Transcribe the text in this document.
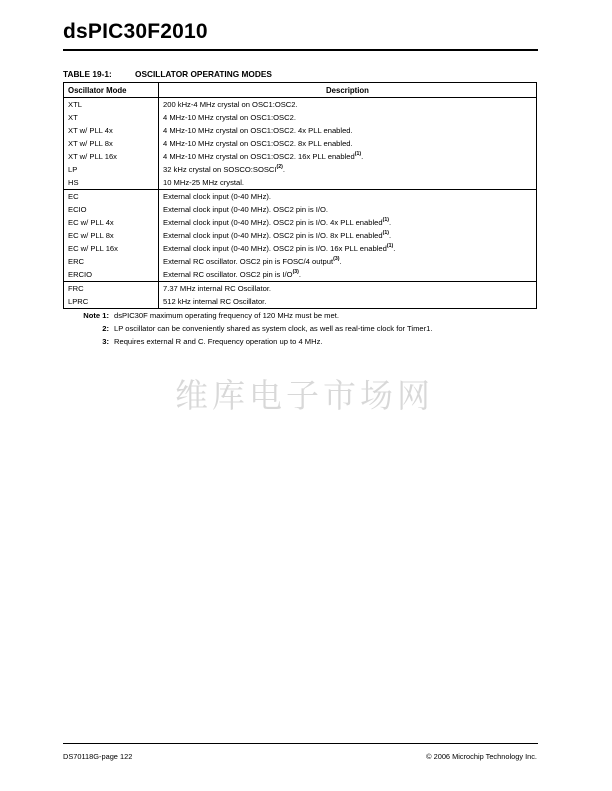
dsPIC30F2010
TABLE 19-1:	OSCILLATOR OPERATING MODES
Oscillator Mode	Description
XTL	200 kHz-4 MHz crystal on OSC1:OSC2.
XT	4 MHz-10 MHz crystal on OSC1:OSC2.
XT w/ PLL 4x	4 MHz-10 MHz crystal on OSC1:OSC2. 4x PLL enabled.
XT w/ PLL 8x	4 MHz-10 MHz crystal on OSC1:OSC2. 8x PLL enabled.
XT w/ PLL 16x	4 MHz-10 MHz crystal on OSC1:OSC2. 16x PLL enabled$^{(1)}$.
LP	32 kHz crystal on SOSCO:SOSCI$^{(2)}$.
HS	10 MHz-25 MHz crystal.
EC	External clock input (0-40 MHz).
ECIO	External clock input (0-40 MHz). OSC2 pin is I/O.
EC w/ PLL 4x	External clock input (0-40 MHz). OSC2 pin is I/O. 4x PLL enabled$^{(1)}$.
EC w/ PLL 8x	External clock input (0-40 MHz). OSC2 pin is I/O. 8x PLL enabled$^{(1)}$.
EC w/ PLL 16x	External clock input (0-40 MHz). OSC2 pin is I/O. 16x PLL enabled$^{(1)}$.
ERC	External RC oscillator. OSC2 pin is FOSC/4 output$^{(3)}$.
ERCIO	External RC oscillator. OSC2 pin is $I/O^{(3)}$.
FRC	7.37 MHz internal RC Oscillator.
LPRC	512 kHz internal RC Oscillator.
Note 1: dsPIC30F maximum operating frequency of 120 MHz must be met.
2: LP oscillator can be conveniently shared as system clock, as well as real-time clock for Timer1.
3: Requires external R and C. Frequency operation up to 4 MHz.
维库电子市场网
DS70118G-page 122	© 2006 Microchip Technology Inc.
